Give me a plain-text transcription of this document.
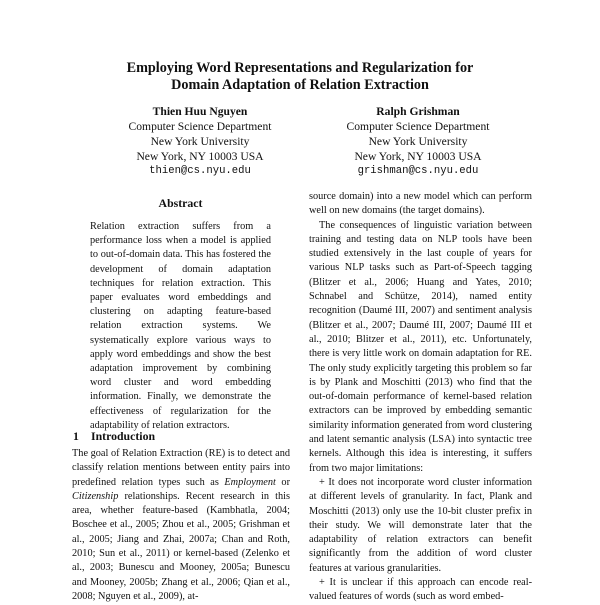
Employing Word Representations and Regularization for
Domain Adaptation of Relation Extraction
Thien Huu Nguyen
Computer Science Department
New York University
New York, NY 10003 USA
thien@cs.nyu.edu
Ralph Grishman
Computer Science Department
New York University
New York, NY 10003 USA
grishman@cs.nyu.edu
Abstract
Relation extraction suffers from a performance loss when a model is applied to out-of-domain data. This has fostered the development of domain adaptation techniques for relation extraction. This paper evaluates word embeddings and clustering on adapting feature-based relation extraction systems. We systematically explore various ways to apply word embeddings and show the best adaptation improvement by combining word cluster and word embedding information. Finally, we demonstrate the effectiveness of regularization for the adaptability of relation extractors.
1 Introduction

The goal of Relation Extraction (RE) is to detect and classify relation mentions between entity pairs into predefined relation types such as Employment or Citizenship relationships. Recent research in this area, whether feature-based (Kambhatla, 2004; Boschee et al., 2005; Zhou et al., 2005; Grishman et al., 2005; Jiang and Zhai, 2007a; Chan and Roth, 2010; Sun et al., 2011) or kernel-based (Zelenko et al., 2003; Bunescu and Mooney, 2005a; Bunescu and Mooney, 2005b; Zhang et al., 2006; Qian et al., 2008; Nguyen et al., 2009), at-

source domain) into a new model which can perform well on new domains (the target domains).

The consequences of linguistic variation between training and testing data on NLP tools have been studied extensively in the last couple of years for various NLP tasks such as Part-of-Speech tagging (Blitzer et al., 2006; Huang and Yates, 2010; Schnabel and Schütze, 2014), named entity recognition (Daumé III, 2007) and sentiment analysis (Blitzer et al., 2007; Daumé III, 2007; Daumé III et al., 2010; Blitzer et al., 2011), etc. Unfortunately, there is very little work on domain adaptation for RE. The only study explicitly targeting this problem so far is by Plank and Moschitti (2013) who find that the out-of-domain performance of kernel-based relation extractors can be improved by embedding semantic similarity information generated from word clustering and latent semantic analysis (LSA) into syntactic tree kernels. Although this idea is interesting, it suffers from two major limitations:

+ It does not incorporate word cluster information at different levels of granularity. In fact, Plank and Moschitti (2013) only use the 10-bit cluster prefix in their study. We will demonstrate later that the adaptability of relation extractors can benefit significantly from the addition of word cluster features at various granularities.

+ It is unclear if this approach can encode real-valued features of words (such as word embed-
